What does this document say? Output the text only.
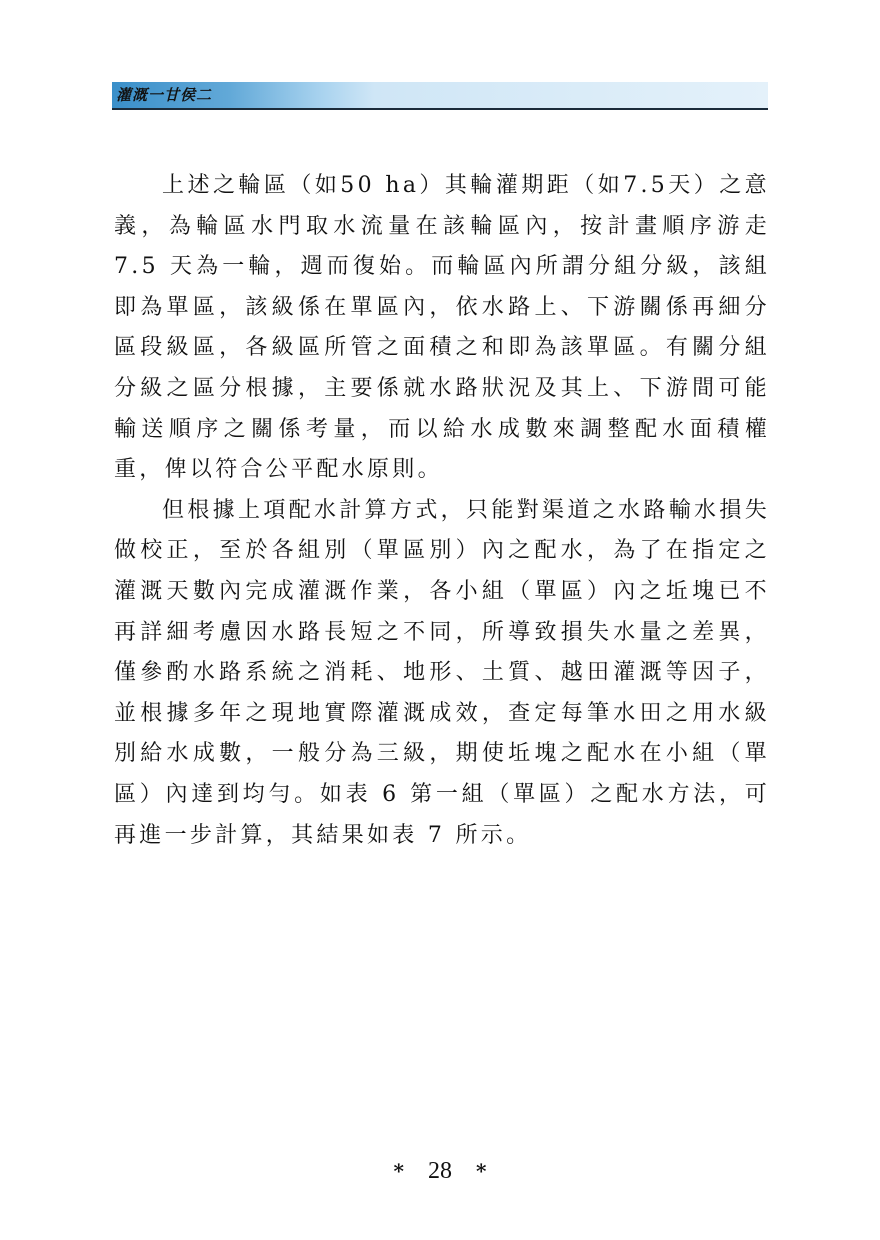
灌溉一甘侯二

上述之輪區（如50 ha）其輪灌期距（如7.5天）之意義，為輪區水門取水流量在該輪區內，按計畫順序游走 7.5 天為一輪，週而復始。而輪區內所謂分組分級，該組即為單區，該級係在單區內，依水路上、下游關係再細分區段級區，各級區所管之面積之和即為該單區。有關分組分級之區分根據，主要係就水路狀況及其上、下游間可能輸送順序之關係考量，而以給水成數來調整配水面積權重，俾以符合公平配水原則。

但根據上項配水計算方式，只能對渠道之水路輸水損失做校正，至於各組別（單區別）內之配水，為了在指定之灌溉天數內完成灌溉作業，各小組（單區）內之坵塊已不再詳細考慮因水路長短之不同，所導致損失水量之差異，僅參酌水路系統之消耗、地形、土質、越田灌溉等因子，並根據多年之現地實際灌溉成效，查定每筆水田之用水級別給水成數，一般分為三級，期使坵塊之配水在小組（單區）內達到均勻。如表 6 第一組（單區）之配水方法，可再進一步計算，其結果如表 7 所示。

* 28 *
